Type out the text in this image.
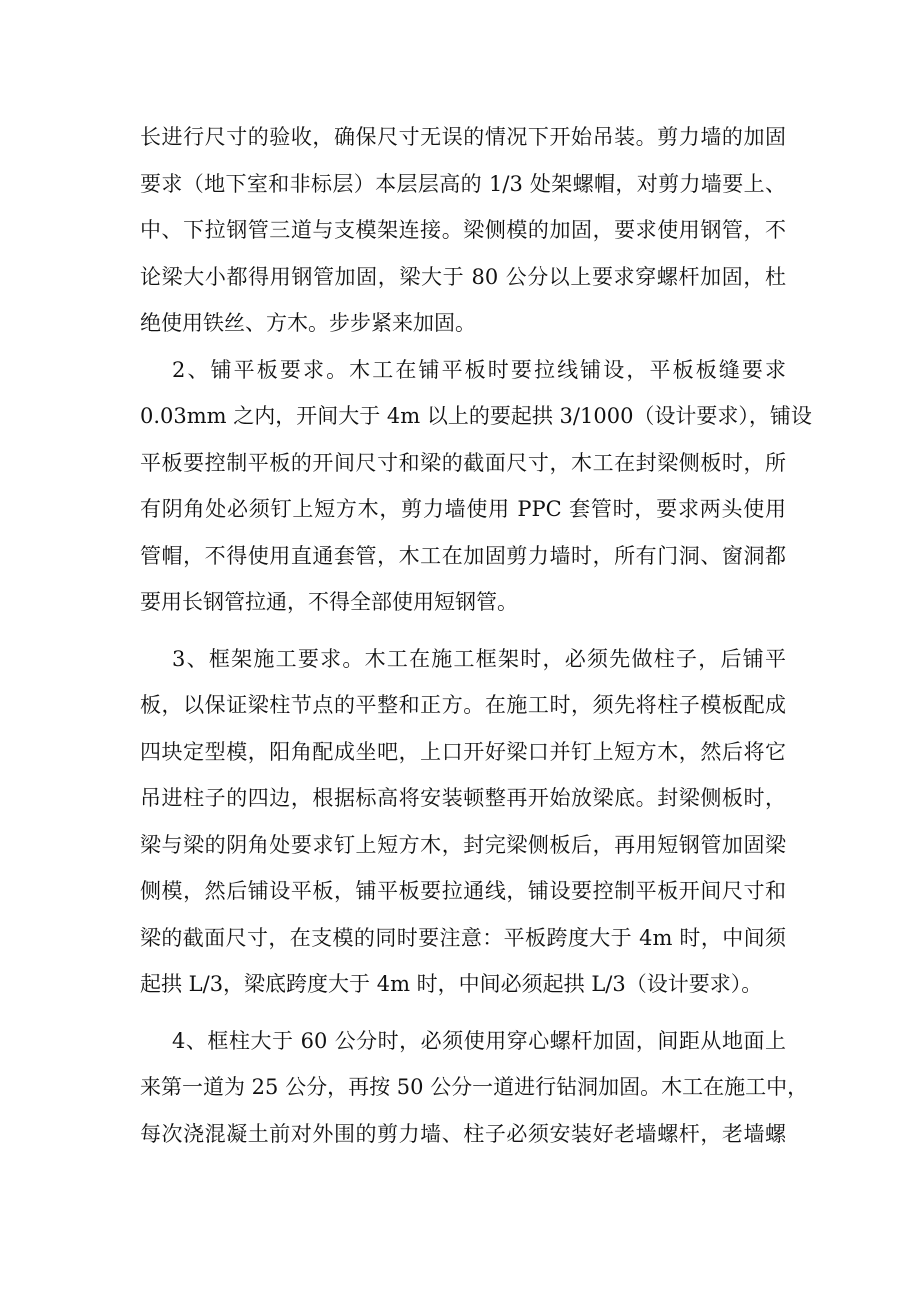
长进行尺寸的验收，确保尺寸无误的情况下开始吊装。剪力墙的加固
要求（地下室和非标层）本层层高的 1/3 处架螺帽，对剪力墙要上、
中、下拉钢管三道与支模架连接。梁侧模的加固，要求使用钢管，不
论梁大小都得用钢管加固，梁大于 80 公分以上要求穿螺杆加固，杜
绝使用铁丝、方木。步步紧来加固。
2、铺平板要求。木工在铺平板时要拉线铺设，平板板缝要求
0.03mm 之内，开间大于 4m 以上的要起拱 3/1000（设计要求），铺设
平板要控制平板的开间尺寸和梁的截面尺寸，木工在封梁侧板时，所
有阴角处必须钉上短方木，剪力墙使用 PPC 套管时，要求两头使用
管帽，不得使用直通套管，木工在加固剪力墙时，所有门洞、窗洞都
要用长钢管拉通，不得全部使用短钢管。
3、框架施工要求。木工在施工框架时，必须先做柱子，后铺平
板，以保证梁柱节点的平整和正方。在施工时，须先将柱子模板配成
四块定型模，阳角配成坐吧，上口开好梁口并钉上短方木，然后将它
吊进柱子的四边，根据标高将安装顿整再开始放梁底。封梁侧板时，
梁与梁的阴角处要求钉上短方木，封完梁侧板后，再用短钢管加固梁
侧模，然后铺设平板，铺平板要拉通线，铺设要控制平板开间尺寸和
梁的截面尺寸，在支模的同时要注意：平板跨度大于 4m 时，中间须
起拱 L/3，梁底跨度大于 4m 时，中间必须起拱 L/3（设计要求）。
4、框柱大于 60 公分时，必须使用穿心螺杆加固，间距从地面上
来第一道为 25 公分，再按 50 公分一道进行钻洞加固。木工在施工中，
每次浇混凝土前对外围的剪力墙、柱子必须安装好老墙螺杆，老墙螺
